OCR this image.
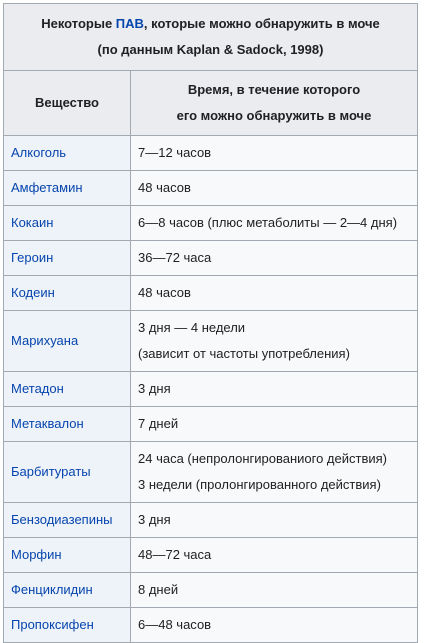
Некоторые ПАВ, которые можно обнаружить в моче
(по данным Kaplan & Sadock, 1998)
Вещество	Время, в течение которого
его можно обнаружить в моче
Алкоголь	7—12 часов
Амфетамин	48 часов
Кокаин	6—8 часов (плюс метаболиты — 2—4 дня)
Героин	36—72 часа
Кодеин	48 часов
Марихуана	3 дня — 4 недели
(зависит от частоты употребления)
Метадон	3 дня
Метаквалон	7 дней
Барбитураты	24 часа (непролонгированиого действия)
3 недели (пролонгированного действия)
Бензодиазепины	3 дня
Морфин	48—72 часа
Фенциклидин	8 дней
Пропоксифен	6—48 часов
